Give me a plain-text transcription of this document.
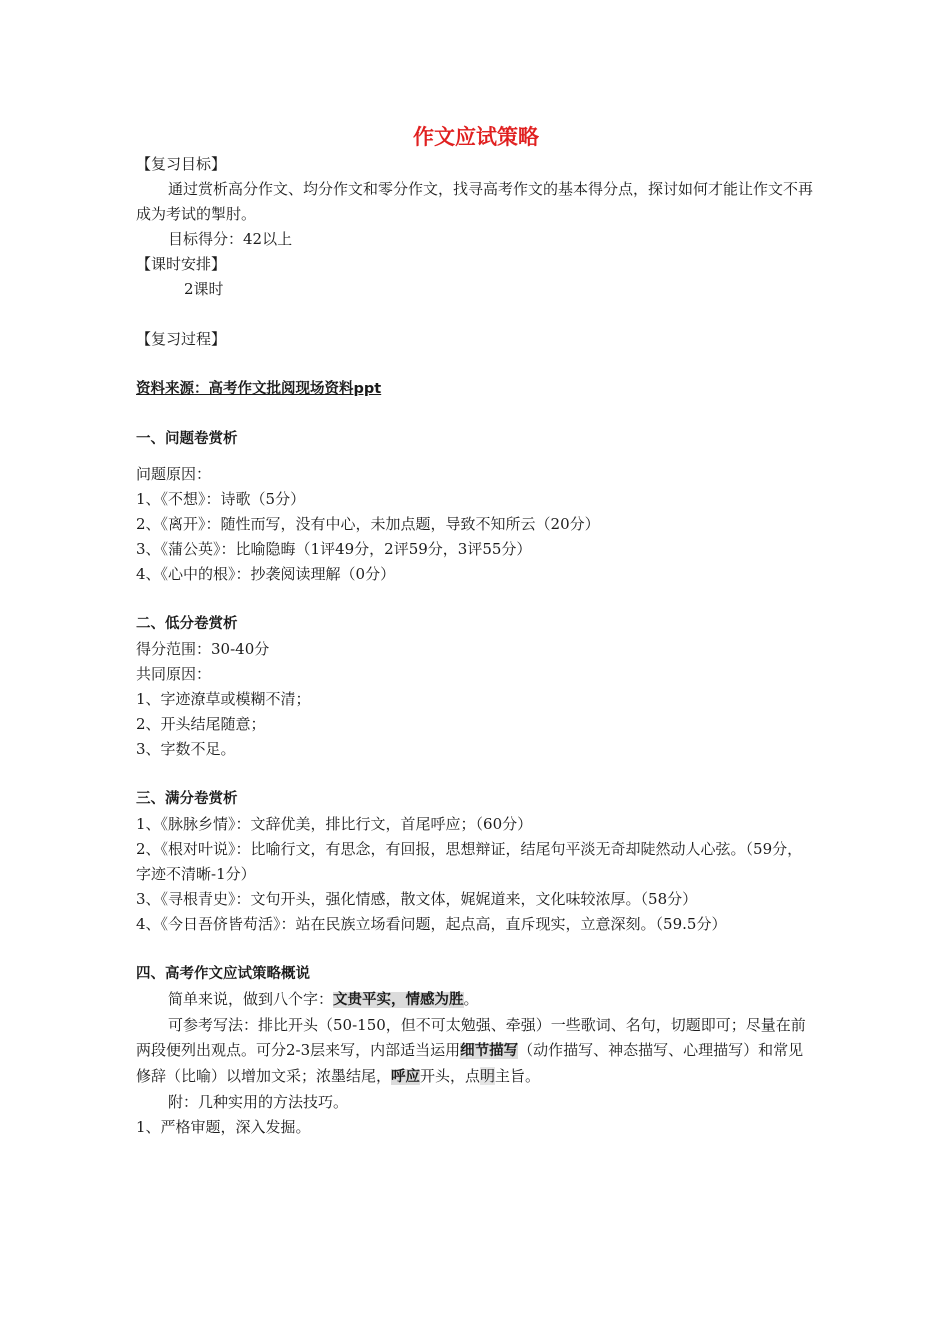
作文应试策略

【复习目标】

通过赏析高分作文、均分作文和零分作文，找寻高考作文的基本得分点，探讨如何才能让作文不再成为考试的掣肘。

目标得分：42以上

【课时安排】

2课时

【复习过程】

资料来源：高考作文批阅现场资料ppt

一、问题卷赏析

问题原因：

1、《不想》：诗歌（5分）

2、《离开》：随性而写，没有中心，未加点题，导致不知所云（20分）

3、《蒲公英》：比喻隐晦（1评49分，2评59分，3评55分）

4、《心中的根》：抄袭阅读理解（0分）

二、低分卷赏析

得分范围：30-40分

共同原因：

1、字迹潦草或模糊不清；

2、开头结尾随意；

3、字数不足。

三、满分卷赏析

1、《脉脉乡情》：文辞优美，排比行文，首尾呼应；（60分）

2、《根对叶说》：比喻行文，有思念，有回报，思想辩证，结尾句平淡无奇却陡然动人心弦。（59分，字迹不清晰-1分）

3、《寻根青史》：文句开头，强化情感，散文体，娓娓道来，文化味较浓厚。（58分）

4、《今日吾侪皆苟活》：站在民族立场看问题，起点高，直斥现实，立意深刻。（59.5分）

四、高考作文应试策略概说

简单来说，做到八个字：文贵平实，情感为胜。

可参考写法：排比开头（50-150，但不可太勉强、牵强）一些歌词、名句，切题即可；尽量在前两段便列出观点。可分2-3层来写，内部适当运用细节描写（动作描写、神态描写、心理描写）和常见修辞（比喻）以增加文采；浓墨结尾，呼应开头，点明主旨。

附：几种实用的方法技巧。

1、严格审题，深入发掘。
